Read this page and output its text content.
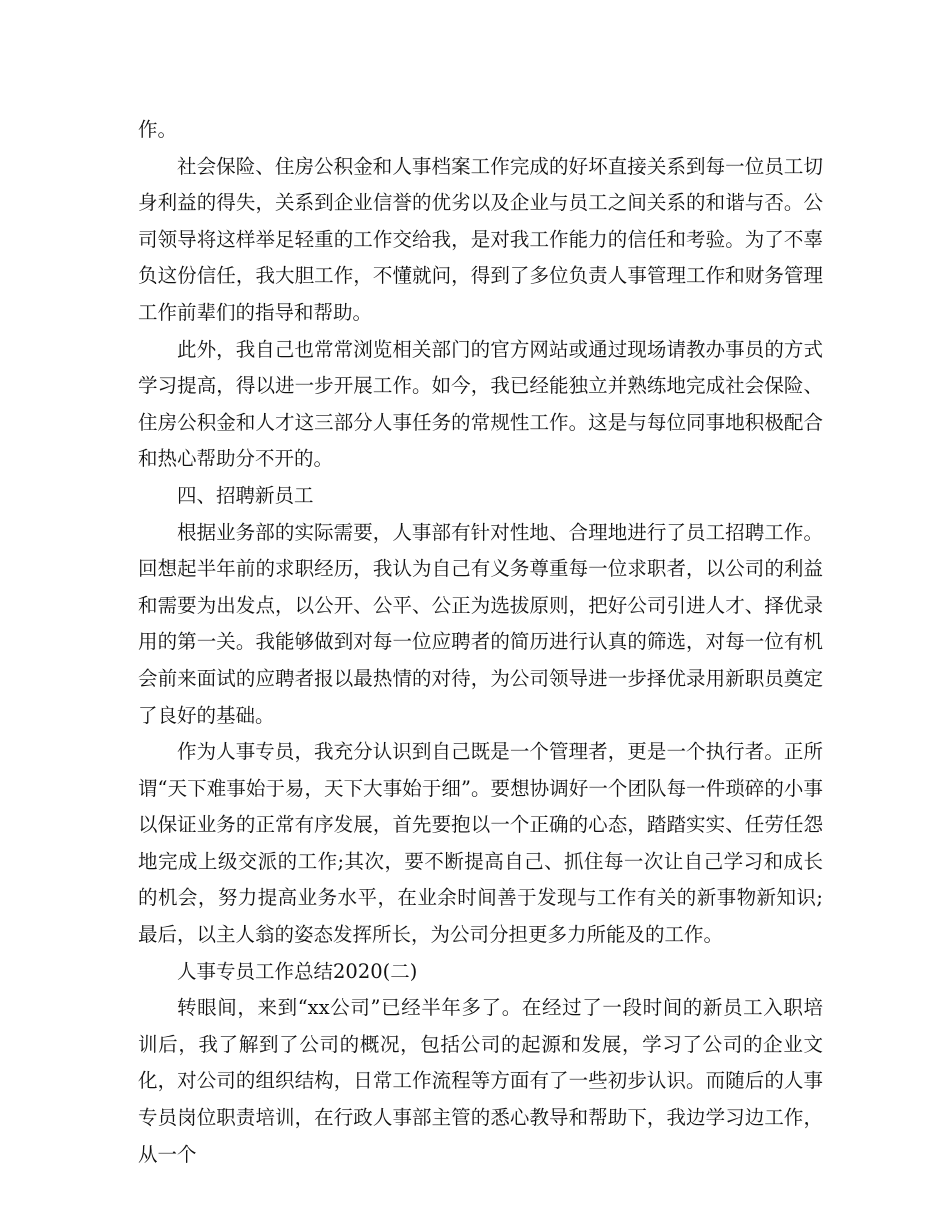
作。

社会保险、住房公积金和人事档案工作完成的好坏直接关系到每一位员工切身利益的得失，关系到企业信誉的优劣以及企业与员工之间关系的和谐与否。公司领导将这样举足轻重的工作交给我，是对我工作能力的信任和考验。为了不辜负这份信任，我大胆工作，不懂就问，得到了多位负责人事管理工作和财务管理工作前辈们的指导和帮助。

此外，我自己也常常浏览相关部门的官方网站或通过现场请教办事员的方式学习提高，得以进一步开展工作。如今，我已经能独立并熟练地完成社会保险、住房公积金和人才这三部分人事任务的常规性工作。这是与每位同事地积极配合和热心帮助分不开的。

四、招聘新员工

根据业务部的实际需要，人事部有针对性地、合理地进行了员工招聘工作。回想起半年前的求职经历，我认为自己有义务尊重每一位求职者，以公司的利益和需要为出发点，以公开、公平、公正为选拔原则，把好公司引进人才、择优录用的第一关。我能够做到对每一位应聘者的简历进行认真的筛选，对每一位有机会前来面试的应聘者报以最热情的对待，为公司领导进一步择优录用新职员奠定了良好的基础。

作为人事专员，我充分认识到自己既是一个管理者，更是一个执行者。正所谓“天下难事始于易，天下大事始于细”。要想协调好一个团队每一件琐碎的小事以保证业务的正常有序发展，首先要抱以一个正确的心态，踏踏实实、任劳任怨地完成上级交派的工作;其次，要不断提高自己、抓住每一次让自己学习和成长的机会，努力提高业务水平，在业余时间善于发现与工作有关的新事物新知识;最后，以主人翁的姿态发挥所长，为公司分担更多力所能及的工作。

人事专员工作总结2020(二)

转眼间，来到“xx公司”已经半年多了。在经过了一段时间的新员工入职培训后，我了解到了公司的概况，包括公司的起源和发展，学习了公司的企业文化，对公司的组织结构，日常工作流程等方面有了一些初步认识。而随后的人事专员岗位职责培训，在行政人事部主管的悉心教导和帮助下，我边学习边工作，从一个
